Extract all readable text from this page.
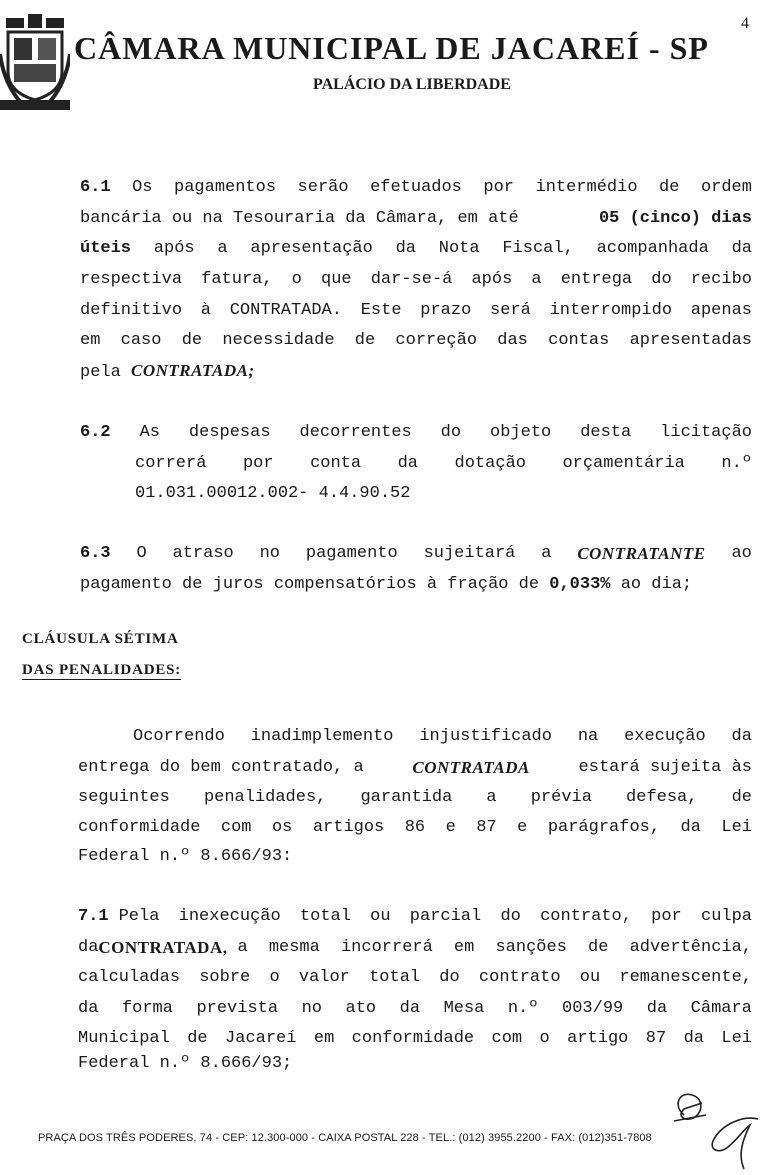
4
CÂMARA MUNICIPAL DE JACAREÍ - SP
PALÁCIO DA LIBERDADE
6.1 Os pagamentos serão efetuados por intermédio de ordem
bancária ou na Tesouraria da Câmara, em até	05 (cinco) dias
úteis após a apresentação da Nota Fiscal, acompanhada da
respectiva fatura, o que dar-se-á após a entrega do recibo
definitivo à CONTRATADA. Este prazo será interrompido apenas
em caso de necessidade de correção das contas apresentadas
pela CONTRATADA;
6.2 As despesas decorrentes do objeto desta licitação
correrá por conta da dotação orçamentária n.º
01.031.00012.002- 4.4.90.52
6.3 O atraso no pagamento sujeitará a CONTRATANTE ao
pagamento de juros compensatórios à fração de 0,033% ao dia;
CLÁUSULA SÉTIMA
DAS PENALIDADES:
Ocorrendo inadimplemento injustificado na execução da
entrega do bem contratado, a	CONTRATADA	estará sujeita às
seguintes penalidades, garantida a prévia defesa, de
conformidade com os artigos 86 e 87 e parágrafos, da Lei
Federal n.º 8.666/93:
7.1 Pela inexecução total ou parcial do contrato, por culpa
da CONTRATADA, a mesma incorrerá em sanções de advertência,
calculadas sobre o valor total do contrato ou remanescente,
da forma prevista no ato da Mesa n.º 003/99 da Câmara
Municipal de Jacareí em conformidade com o artigo 87 da Lei
Federal n.º 8.666/93;
PRAÇA DOS TRÊS PODERES, 74 - CEP: 12.300-000 - CAIXA POSTAL 228 - TEL.: (012) 3955.2200 - FAX: (012)351-7808
